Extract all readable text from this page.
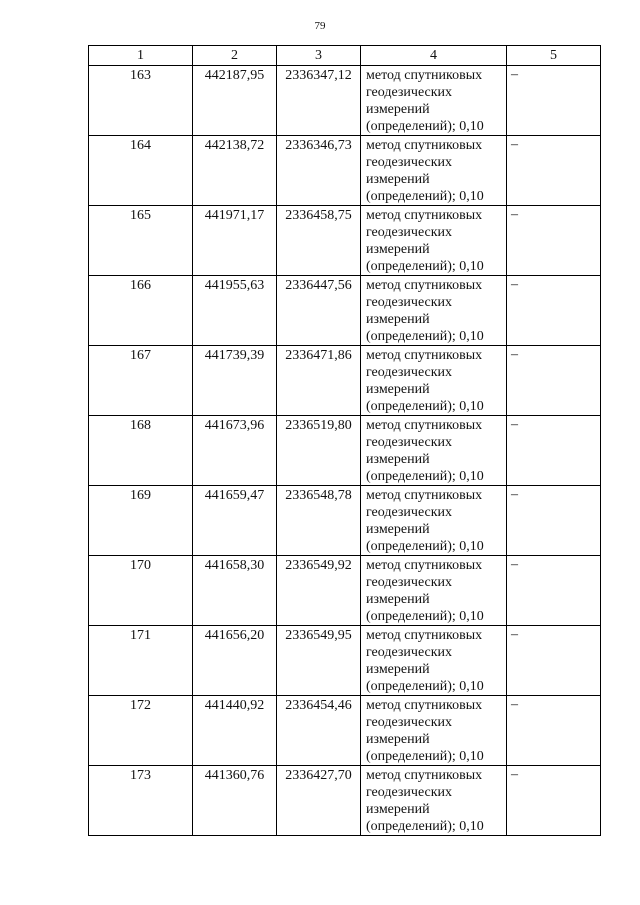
79
1	2	3	4	5
163	442187,95	2336347,12	метод спутниковых
геодезических
измерений
(определений); 0,10	–
164	442138,72	2336346,73	метод спутниковых
геодезических
измерений
(определений); 0,10	–
165	441971,17	2336458,75	метод спутниковых
геодезических
измерений
(определений); 0,10	–
166	441955,63	2336447,56	метод спутниковых
геодезических
измерений
(определений); 0,10	–
167	441739,39	2336471,86	метод спутниковых
геодезических
измерений
(определений); 0,10	–
168	441673,96	2336519,80	метод спутниковых
геодезических
измерений
(определений); 0,10	–
169	441659,47	2336548,78	метод спутниковых
геодезических
измерений
(определений); 0,10	–
170	441658,30	2336549,92	метод спутниковых
геодезических
измерений
(определений); 0,10	–
171	441656,20	2336549,95	метод спутниковых
геодезических
измерений
(определений); 0,10	–
172	441440,92	2336454,46	метод спутниковых
геодезических
измерений
(определений); 0,10	–
173	441360,76	2336427,70	метод спутниковых
геодезических
измерений
(определений); 0,10	–
